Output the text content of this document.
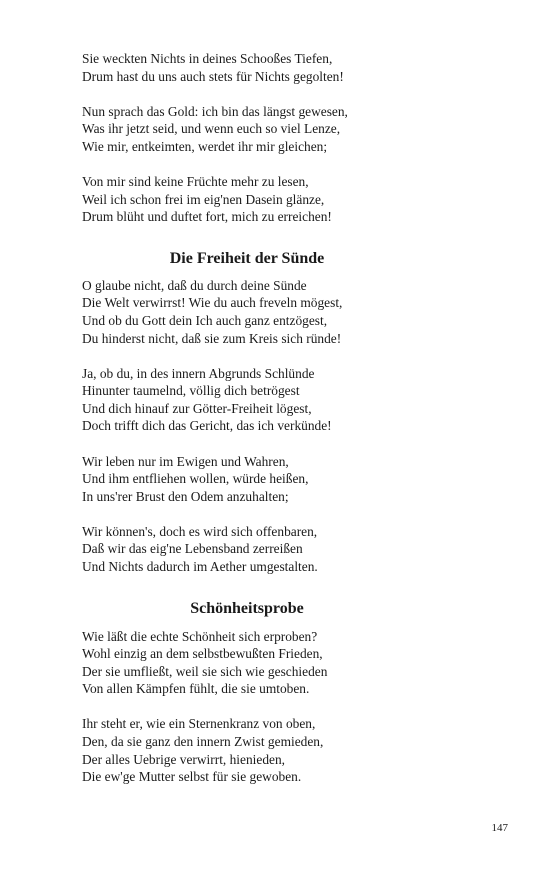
Sie weckten Nichts in deines Schooßes Tiefen,
Drum hast du uns auch stets für Nichts gegolten!
Nun sprach das Gold: ich bin das längst gewesen,
Was ihr jetzt seid, und wenn euch so viel Lenze,
Wie mir, entkeimten, werdet ihr mir gleichen;
Von mir sind keine Früchte mehr zu lesen,
Weil ich schon frei im eig'nen Dasein glänze,
Drum blüht und duftet fort, mich zu erreichen!
Die Freiheit der Sünde
O glaube nicht, daß du durch deine Sünde
Die Welt verwirrst! Wie du auch freveln mögest,
Und ob du Gott dein Ich auch ganz entzögest,
Du hinderst nicht, daß sie zum Kreis sich ründe!
Ja, ob du, in des innern Abgrunds Schlünde
Hinunter taumelnd, völlig dich betrögest
Und dich hinauf zur Götter-Freiheit lögest,
Doch trifft dich das Gericht, das ich verkünde!
Wir leben nur im Ewigen und Wahren,
Und ihm entfliehen wollen, würde heißen,
In uns'rer Brust den Odem anzuhalten;
Wir können's, doch es wird sich offenbaren,
Daß wir das eig'ne Lebensband zerreißen
Und Nichts dadurch im Aether umgestalten.
Schönheitsprobe
Wie läßt die echte Schönheit sich erproben?
Wohl einzig an dem selbstbewußten Frieden,
Der sie umfließt, weil sie sich wie geschieden
Von allen Kämpfen fühlt, die sie umtoben.
Ihr steht er, wie ein Sternenkranz von oben,
Den, da sie ganz den innern Zwist gemieden,
Der alles Uebrige verwirrt, hienieden,
Die ew'ge Mutter selbst für sie gewoben.
147
